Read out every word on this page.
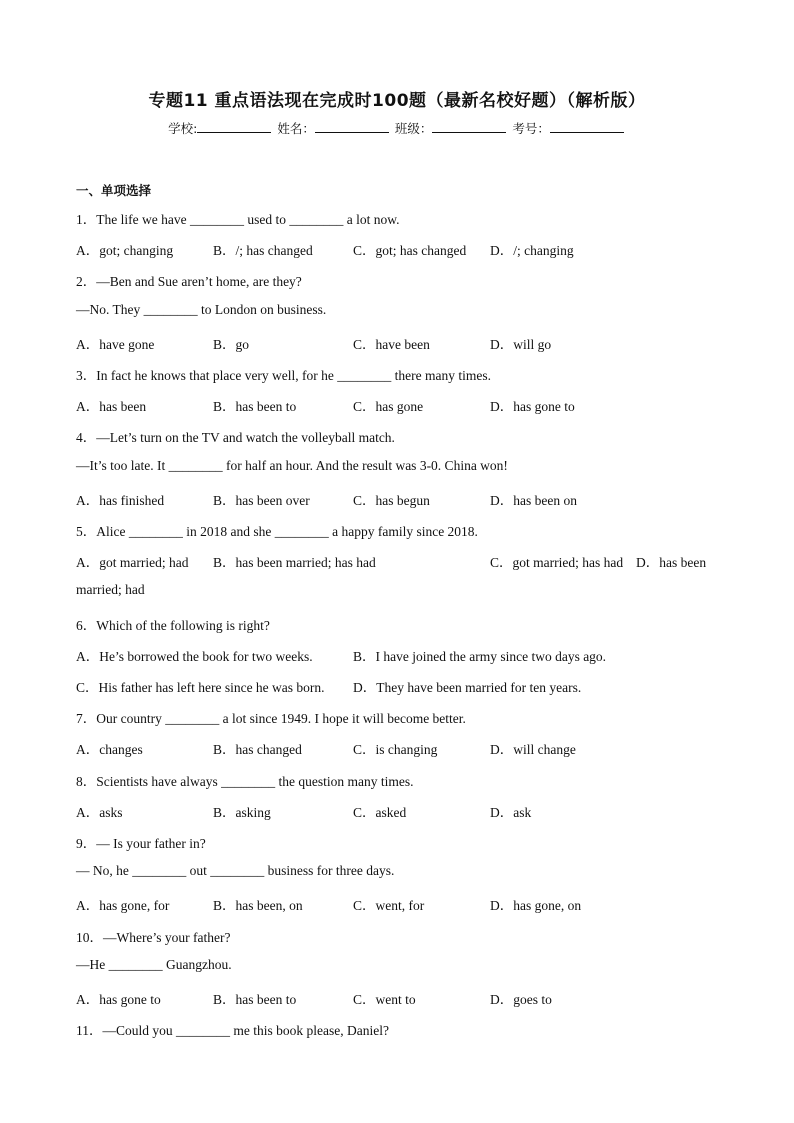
专题11 重点语法现在完成时100题（最新名校好题）（解析版）
学校:	姓名：	班级：	考号：
一、单项选择
1．The life we have ________ used to ________ a lot now.
A．got; changing	B．/; has changed	C．got; has changed D．/; changing
2．—Ben and Sue aren’t home, are they?
—No. They ________ to London on business.
A．have gone	B．go	C．have been	D．will go
3．In fact he knows that place very well, for he ________ there many times.
A．has been	B．has been to	C．has gone	D．has gone to
4．—Let’s turn on the TV and watch the volleyball match.
—It’s too late. It ________ for half an hour. And the result was 3-0. China won!
A．has finished	B．has been over	C．has begun	D．has been on
5．Alice ________ in 2018 and she ________ a happy family since 2018.
A．got married; had B．has been married; has had	C．got married; has had D．has been
married; had
6．Which of the following is right?
A．He’s borrowed the book for two weeks.	B．I have joined the army since two days ago.
C．His father has left here since he was born. D．They have been married for ten years.
7．Our country ________ a lot since 1949. I hope it will become better.
A．changes	B．has changed	C．is changing	D．will change
8．Scientists have always ________ the question many times.
A．asks	B．asking	C．asked	D．ask
9．— Is your father in?
— No, he ________ out ________ business for three days.
A．has gone, for	B．has been, on	C．went, for	D．has gone, on
10．—Where’s your father?
—He ________ Guangzhou.
A．has gone to	B．has been to	C．went to	D．goes to
11．—Could you ________ me this book please, Daniel?
